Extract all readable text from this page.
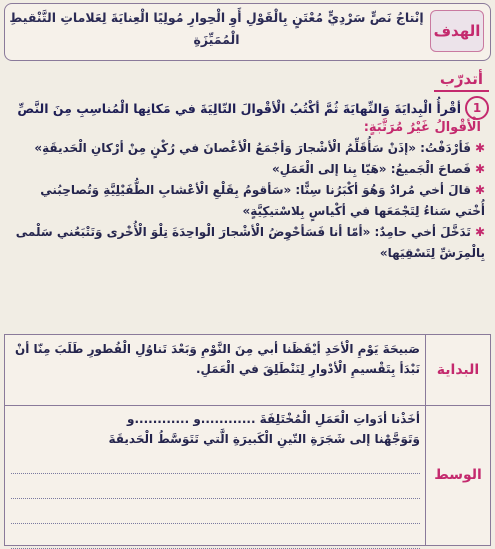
الهدف
إنْتاجُ نَصٍّ سَرْدِيٍّ مُعْتَنٍ بِالْقَوْلِ أَوِ الْحِوارِ مُولِيًا الْعِنايَةَ لِعَلاماتِ التَّنْقيطِ الْمُمَيِّزَةِ
أتدرّب
1
أقْرأُ الْبِدايَةَ وَالنِّهايَةَ ثُمَّ أكْتُبُ الْأقْوالَ التّالِيَةَ في مَكانِها الْمُناسِبِ مِنَ النَّصِّ
الْأقْوالُ غَيْرُ مُرَتَّبَةٍ:
✱فَأرْدَفْتُ: «إذَنْ سَأُقَلِّمُ الْأشْجارَ وَأجْمَعُ الْأغْصانَ في رُكْنٍ مِنْ أرْكانِ الْحَديقَةِ»
✱فَصاحَ الْجَميعُ: «هَيّا بِنا إلى الْعَمَلِ»
✱قالَ أخي مُرادٌ وَهُوَ أكْبَرُنا سِنًّا: «سَأقومُ بِقَلْعِ الْأعْشابِ الطُّفَيْلِيَّةِ وَتُصاحِبُني أُخْتي سَناءُ لِتَجْمَعَها في أكْياسٍ بِلاسْتيكِيَّةٍ»
✱تَدَخَّلَ أخي حامِدٌ: «أمّا أنا فَسَأحْوِضُ الْأشْجارَ الْواحِدَةَ تِلْوَ الْأُخْرى وَتَتْبَعُني سَلْمى بِالْمِرَشِّ لِتَسْقِيَها»
البداية
صَبيحَةَ يَوْمِ الْأحَدِ أيْقَظَنا أبي مِنَ النَّوْمِ وَبَعْدَ تَناوُلِ الْفُطورِ طَلَبَ مِنّا أنْ نَبْدَأ بِتَقْسيمِ الْأدْوارِ لِنَنْطَلِقَ في الْعَمَلِ.
الوسط
أخَذْنا أدَواتِ الْعَمَلِ الْمُخْتَلِفَةَ ............و ............و
وَتَوَجَّهْنا إلى شَجَرَةِ التّينِ الْكَبيرَةِ الَّتي تَتَوَسَّطُ الْحَديقَةَ
